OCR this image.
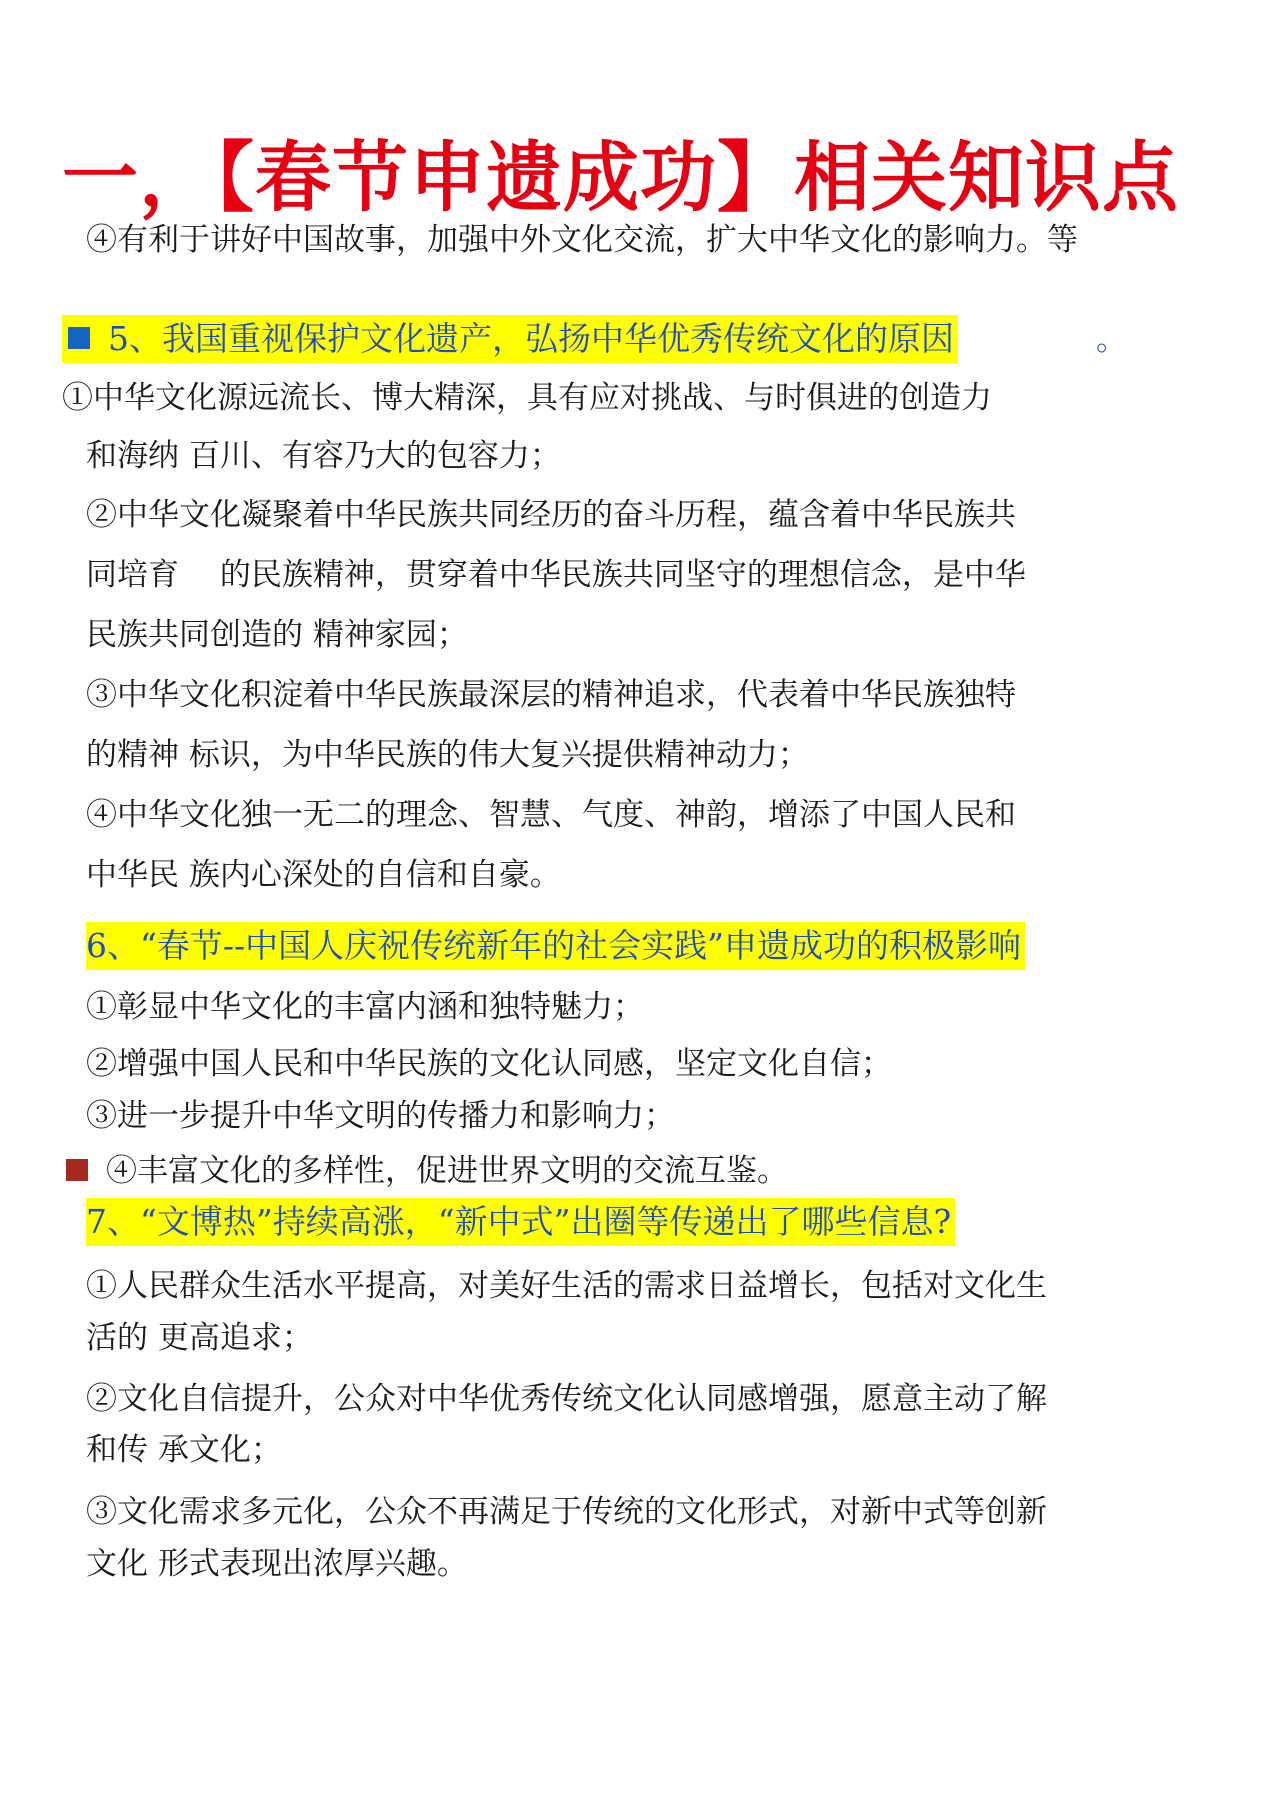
一，【春节申遗成功】相关知识点
④有利于讲好中国故事，加强中外文化交流，扩大中华文化的影响力。等
5、我国重视保护文化遗产，弘扬中华优秀传统文化的原因	。
①中华文化源远流长、博大精深，具有应对挑战、与时俱进的创造力
和海纳 百川、有容乃大的包容力；
②中华文化凝聚着中华民族共同经历的奋斗历程，蕴含着中华民族共
同培育　 的民族精神，贯穿着中华民族共同坚守的理想信念，是中华
民族共同创造的 精神家园；
③中华文化积淀着中华民族最深层的精神追求，代表着中华民族独特
的精神 标识，为中华民族的伟大复兴提供精神动力；
④中华文化独一无二的理念、智慧、气度、神韵，增添了中国人民和
中华民 族内心深处的自信和自豪。
6、“春节--中国人庆祝传统新年的社会实践”申遗成功的积极影响
①彰显中华文化的丰富内涵和独特魅力；
②增强中国人民和中华民族的文化认同感，坚定文化自信；
③进一步提升中华文明的传播力和影响力；
④丰富文化的多样性，促进世界文明的交流互鉴。
7、“文博热”持续高涨，“新中式”出圈等传递出了哪些信息?
①人民群众生活水平提高，对美好生活的需求日益增长，包括对文化生
活的 更高追求；
②文化自信提升，公众对中华优秀传统文化认同感增强，愿意主动了解
和传 承文化；
③文化需求多元化，公众不再满足于传统的文化形式，对新中式等创新
文化 形式表现出浓厚兴趣。
